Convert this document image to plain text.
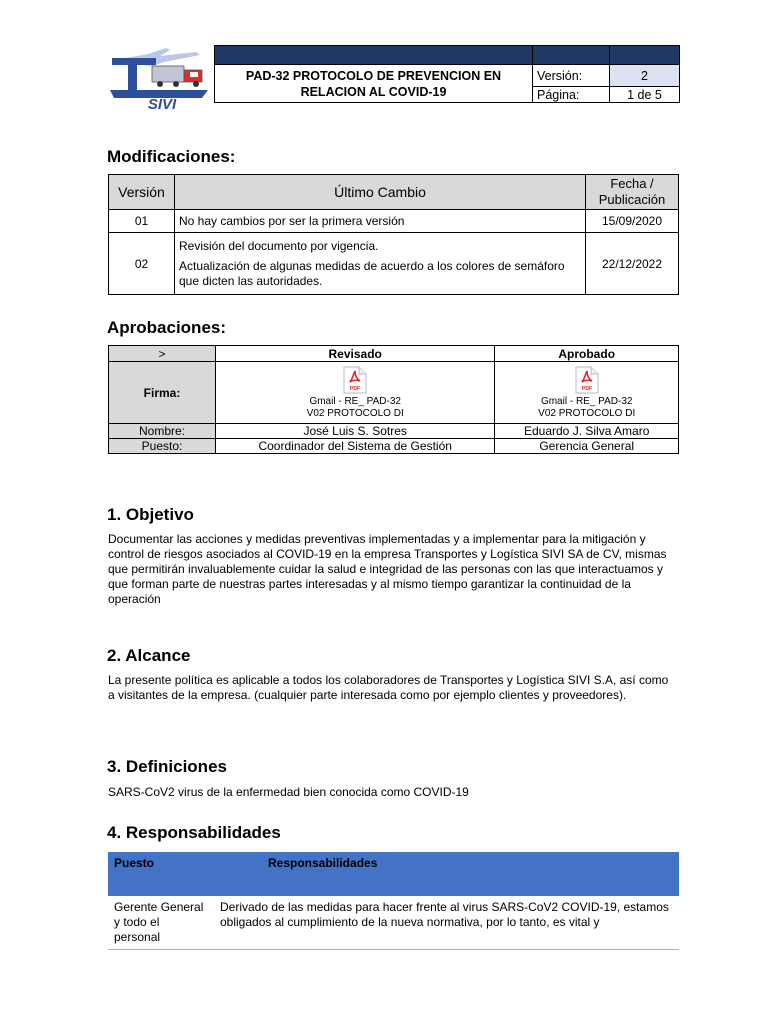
SIVI

PAD-32 PROTOCOLO DE PREVENCION EN
RELACION AL COVID-19	Versión:	2
	Página:	1 de 5
Modificaciones:
Versión	Último Cambio	Fecha /
Publicación
01	No hay cambios por ser la primera versión	15/09/2020
02	Revisión del documento por vigencia.
Actualización de algunas medidas de acuerdo a los colores de semáforo que dicten las autoridades.	22/12/2022
Aprobaciones:
>	Revisado	Aprobado
Firma:	PDF
Gmail - RE_ PAD-32
V02 PROTOCOLO DI	PDF
Gmail - RE_ PAD-32
V02 PROTOCOLO DI
Nombre:	José Luis S. Sotres	Eduardo J. Silva Amaro
Puesto:	Coordinador del Sistema de Gestión	Gerencia General
1. Objetivo

Documentar las acciones y medidas preventivas implementadas y a implementar para la mitigación y control de riesgos asociados al COVID-19 en la empresa Transportes y Logística SIVI SA de CV, mismas que permitirán invaluablemente cuidar la salud e integridad de las personas con las que interactuamos y que forman parte de nuestras partes interesadas y al mismo tiempo garantizar la continuidad de la operación

2. Alcance

La presente política es aplicable a todos los colaboradores de Transportes y Logística SIVI S.A, así como a visitantes de la empresa. (cualquier parte interesada como por ejemplo clientes y proveedores).

3. Definiciones

SARS-CoV2 virus de la enfermedad bien conocida como COVID-19

4. Responsabilidades
Puesto	Responsabilidades
Gerente General y todo el personal	Derivado de las medidas para hacer frente al virus SARS-CoV2 COVID-19, estamos obligados al cumplimiento de la nueva normativa, por lo tanto, es vital y
